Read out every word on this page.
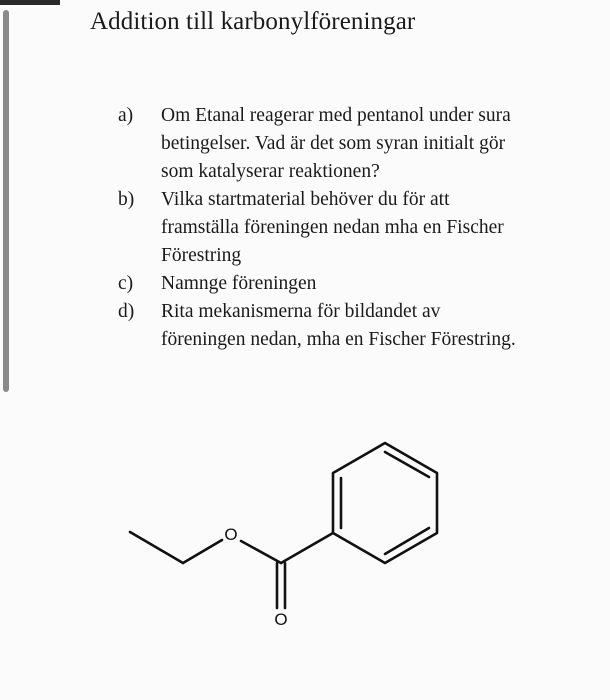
Addition till karbonylföreningar
a) Om Etanal reagerar med pentanol under sura
betingelser. Vad är det som syran initialt gör
som katalyserar reaktionen?
b) Vilka startmaterial behöver du för att
framställa föreningen nedan mha en Fischer
Förestring
c) Namnge föreningen
d) Rita mekanismerna för bildandet av
föreningen nedan, mha en Fischer Förestring.
O
O
